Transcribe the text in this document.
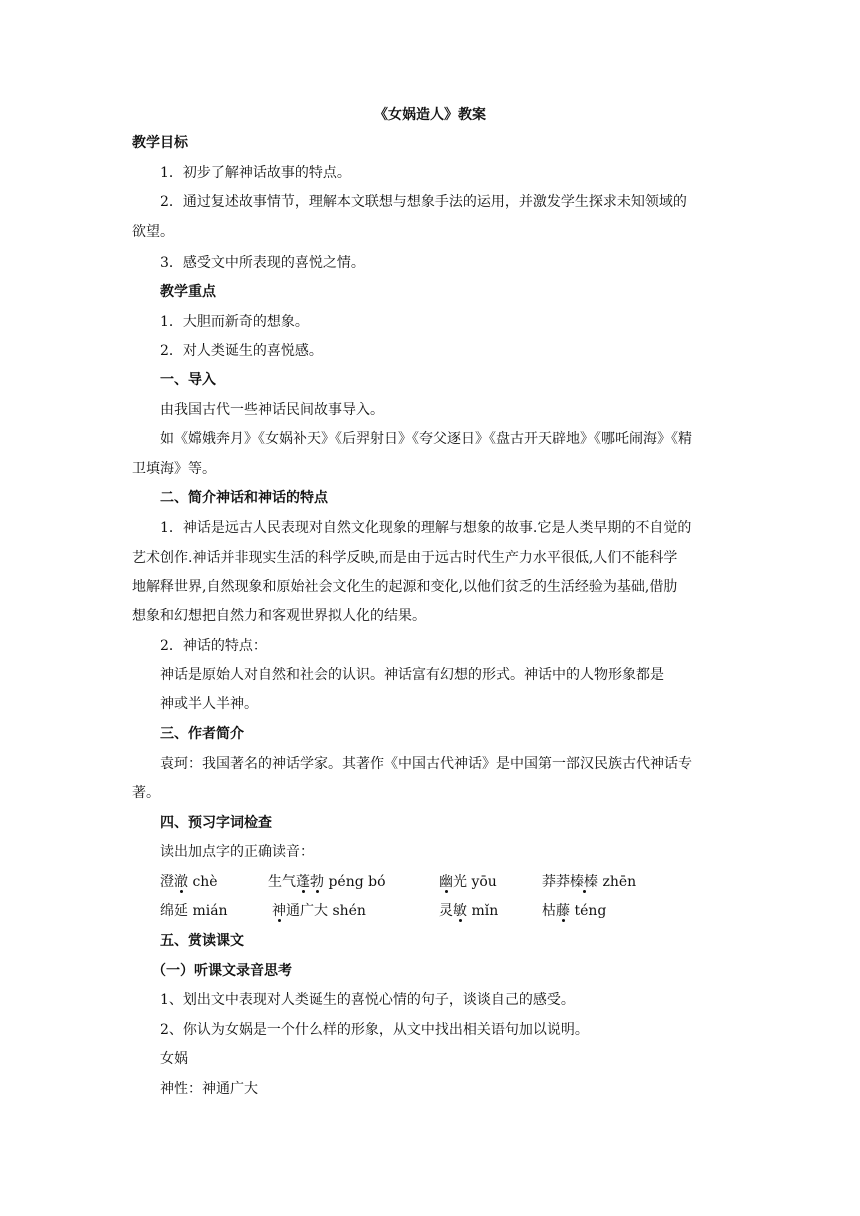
《女娲造人》教案
教学目标
1．初步了解神话故事的特点。
2．通过复述故事情节，理解本文联想与想象手法的运用，并激发学生探求未知领域的
欲望。
3．感受文中所表现的喜悦之情。
教学重点
1．大胆而新奇的想象。
2．对人类诞生的喜悦感。
一、导入
由我国古代一些神话民间故事导入。
如《嫦娥奔月》《女娲补天》《后羿射日》《夸父逐日》《盘古开天辟地》《哪吒闹海》《精
卫填海》等。
二、简介神话和神话的特点
1．神话是远古人民表现对自然文化现象的理解与想象的故事.它是人类早期的不自觉的
艺术创作.神话并非现实生活的科学反映,而是由于远古时代生产力水平很低,人们不能科学
地解释世界,自然现象和原始社会文化生的起源和变化,以他们贫乏的生活经验为基础,借肋
想象和幻想把自然力和客观世界拟人化的结果。
2．神话的特点：
神话是原始人对自然和社会的认识。神话富有幻想的形式。神话中的人物形象都是
神或半人半神。
三、作者简介
袁珂：我国著名的神话学家。其著作《中国古代神话》是中国第一部汉民族古代神话专
著。
四、预习字词检查
读出加点字的正确读音：
澄澈 chè	生气蓬勃 péng bó	幽光 yōu	莽莽榛榛 zhēn
绵延 mián	神通广大 shén	灵敏 mǐn	枯藤 téng
五、赏读课文
（一）听课文录音思考
1、划出文中表现对人类诞生的喜悦心情的句子，谈谈自己的感受。
2、你认为女娲是一个什么样的形象，从文中找出相关语句加以说明。
女娲
神性：神通广大
